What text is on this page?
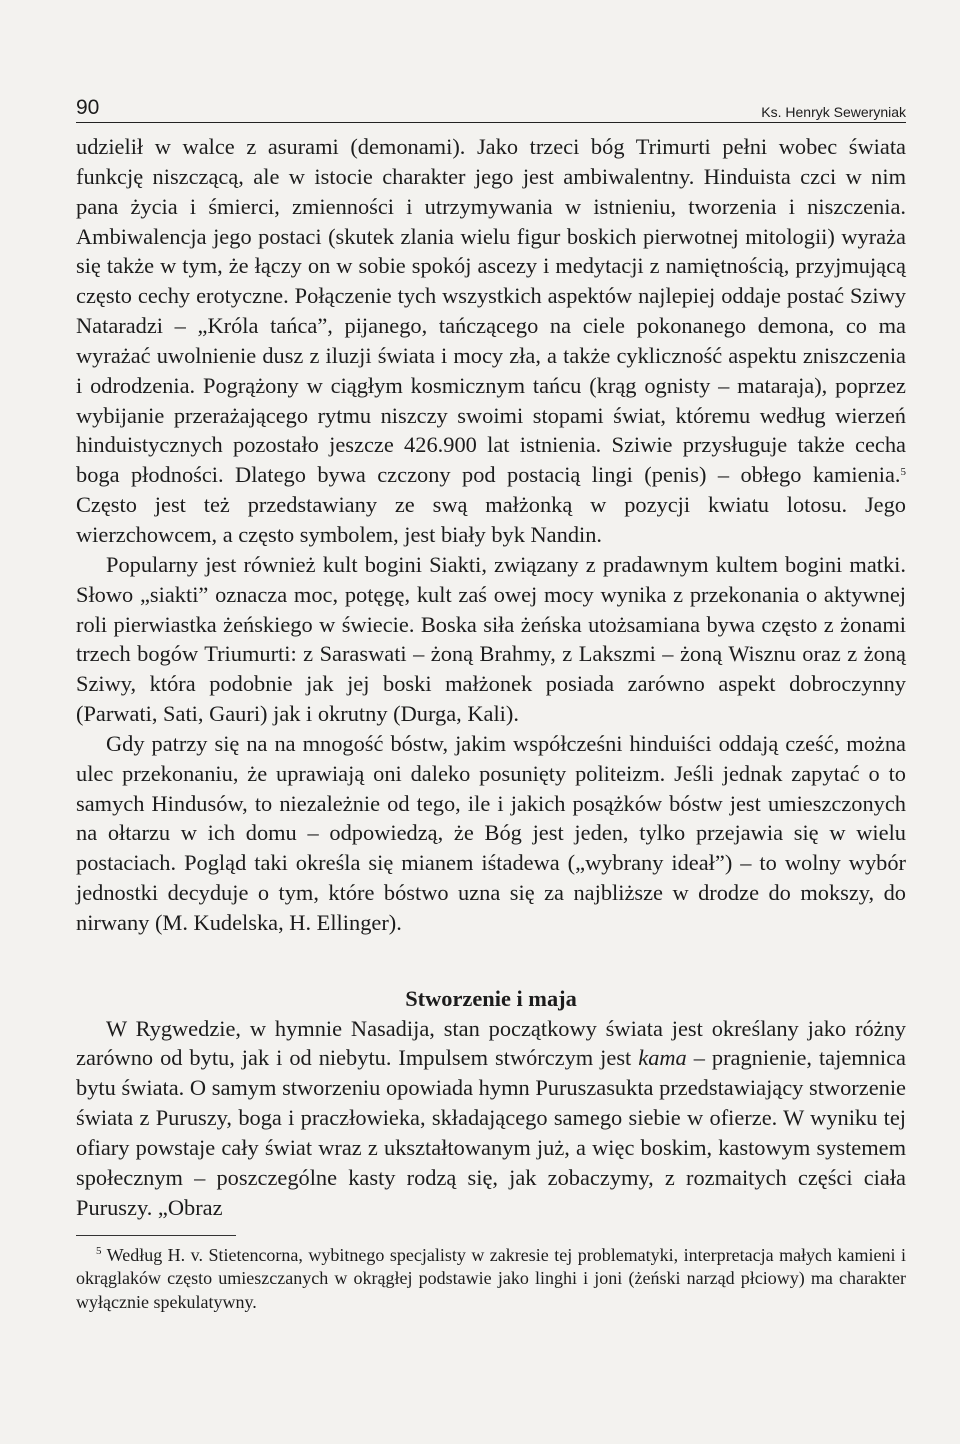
90	Ks. Henryk Seweryniak

udzielił w walce z asurami (demonami). Jako trzeci bóg Trimurti pełni wobec świata funkcję niszczącą, ale w istocie charakter jego jest ambiwalentny. Hinduista czci w nim pana życia i śmierci, zmienności i utrzymywania w istnieniu, tworzenia i niszczenia. Ambiwalencja jego postaci (skutek zlania wielu figur boskich pierwotnej mitologii) wyraża się także w tym, że łączy on w sobie spokój ascezy i medytacji z namiętnością, przyjmującą często cechy erotyczne. Połączenie tych wszystkich aspektów najlepiej oddaje postać Sziwy Nataradzi – „Króla tańca”, pijanego, tańczącego na ciele pokonanego demona, co ma wyrażać uwolnienie dusz z iluzji świata i mocy zła, a także cykliczność aspektu zniszczenia i odrodzenia. Pogrążony w ciągłym kosmicznym tańcu (krąg ognisty – mataraja), poprzez wybijanie przerażającego rytmu niszczy swoimi stopami świat, któremu według wierzeń hinduistycznych pozostało jeszcze 426.900 lat istnienia. Sziwie przysługuje także cecha boga płodności. Dlatego bywa czczony pod postacią lingi (penis) – obłego kamienia.$^5$ Często jest też przedstawiany ze swą małżonką w pozycji kwiatu lotosu. Jego wierzchowcem, a często symbolem, jest biały byk Nandin.

Popularny jest również kult bogini Siakti, związany z pradawnym kultem bogini matki. Słowo „siakti” oznacza moc, potęgę, kult zaś owej mocy wynika z przekonania o aktywnej roli pierwiastka żeńskiego w świecie. Boska siła żeńska utożsamiana bywa często z żonami trzech bogów Triumurti: z Saraswati – żoną Brahmy, z Lakszmi – żoną Wisznu oraz z żoną Sziwy, która podobnie jak jej boski małżonek posiada zarówno aspekt dobroczynny (Parwati, Sati, Gauri) jak i okrutny (Durga, Kali).

Gdy patrzy się na na mnogość bóstw, jakim współcześni hinduiści oddają cześć, można ulec przekonaniu, że uprawiają oni daleko posunięty politeizm. Jeśli jednak zapytać o to samych Hindusów, to niezależnie od tego, ile i jakich posążków bóstw jest umieszczonych na ołtarzu w ich domu – odpowiedzą, że Bóg jest jeden, tylko przejawia się w wielu postaciach. Pogląd taki określa się mianem iśtadewa („wybrany ideał”) – to wolny wybór jednostki decyduje o tym, które bóstwo uzna się za najbliższe w drodze do mokszy, do nirwany (M. Kudelska, H. Ellinger).

Stworzenie i maja

W Rygwedzie, w hymnie Nasadija, stan początkowy świata jest określany jako różny zarówno od bytu, jak i od niebytu. Impulsem stwórczym jest kama – pragnienie, tajemnica bytu świata. O samym stworzeniu opowiada hymn Puruszasukta przedstawiający stworzenie świata z Puruszy, boga i praczłowieka, składającego samego siebie w ofierze. W wyniku tej ofiary powstaje cały świat wraz z ukształtowanym już, a więc boskim, kastowym systemem społecznym – poszczególne kasty rodzą się, jak zobaczymy, z rozmaitych części ciała Puruszy. „Obraz

$^5$ Według H. v. Stietencorna, wybitnego specjalisty w zakresie tej problematyki, interpretacja małych kamieni i okrąglaków często umieszczanych w okrągłej podstawie jako linghi i joni (żeński narząd płciowy) ma charakter wyłącznie spekulatywny.
